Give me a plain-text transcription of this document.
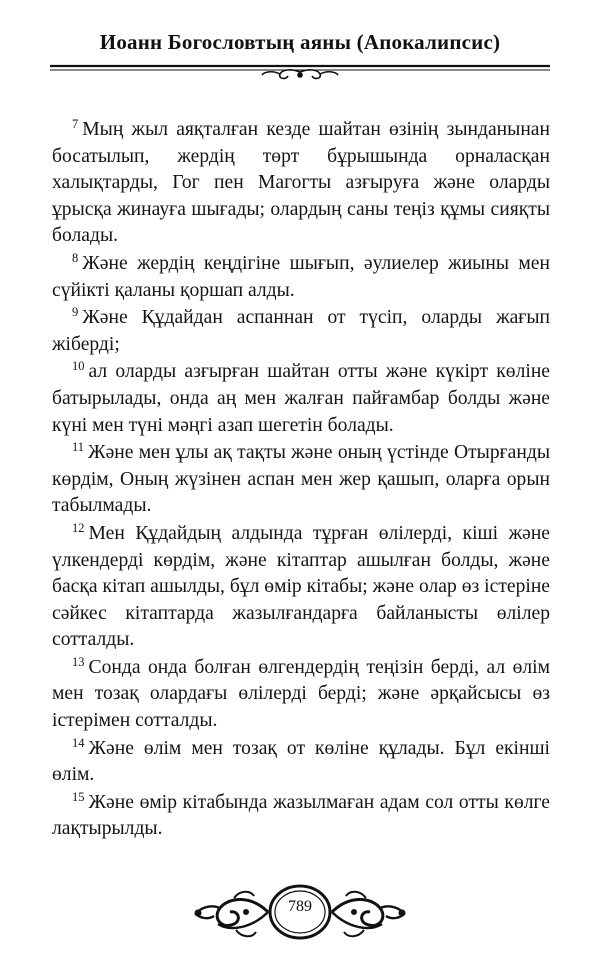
Иоанн Богословтың аяны (Апокалипсис)

$^7$ Мың жыл аяқталған кезде шайтан өзінің зынданынан босатылып, жердің төрт бұрышында орналасқан халықтарды, Гог пен Магогты азғыруға және оларды ұрысқа жинауға шығады; олардың саны теңіз құмы сияқты болады.

$^8$ Және жердің кеңдігіне шығып, әулиелер жиыны мен сүйікті қаланы қоршап алды.

$^9$ Және Құдайдан аспаннан от түсіп, оларды жағып жіберді;

$^{10}$ ал оларды азғырған шайтан отты және күкірт көліне батырылады, онда аң мен жалған пайғамбар болды және күні мен түні мәңгі азап шегетін болады.

$^{11}$ Және мен ұлы ақ тақты және оның үстінде Отырғанды көрдім, Оның жүзінен аспан мен жер қашып, оларға орын табылмады.

$^{12}$ Мен Құдайдың алдында тұрған өлілерді, кіші және үлкендерді көрдім, және кітаптар ашылған болды, және басқа кітап ашылды, бұл өмір кітабы; және олар өз істеріне сәйкес кітаптарда жазылғандарға байланысты өлілер сотталды.

$^{13}$ Сонда онда болған өлгендердің теңізін берді, ал өлім мен тозақ олардағы өлілерді берді; және әрқайсысы өз істерімен сотталды.

$^{14}$ Және өлім мен тозақ от көліне құлады. Бұл екінші өлім.

$^{15}$ Және өмір кітабында жазылмаған адам сол отты көлге лақтырылды.

789
